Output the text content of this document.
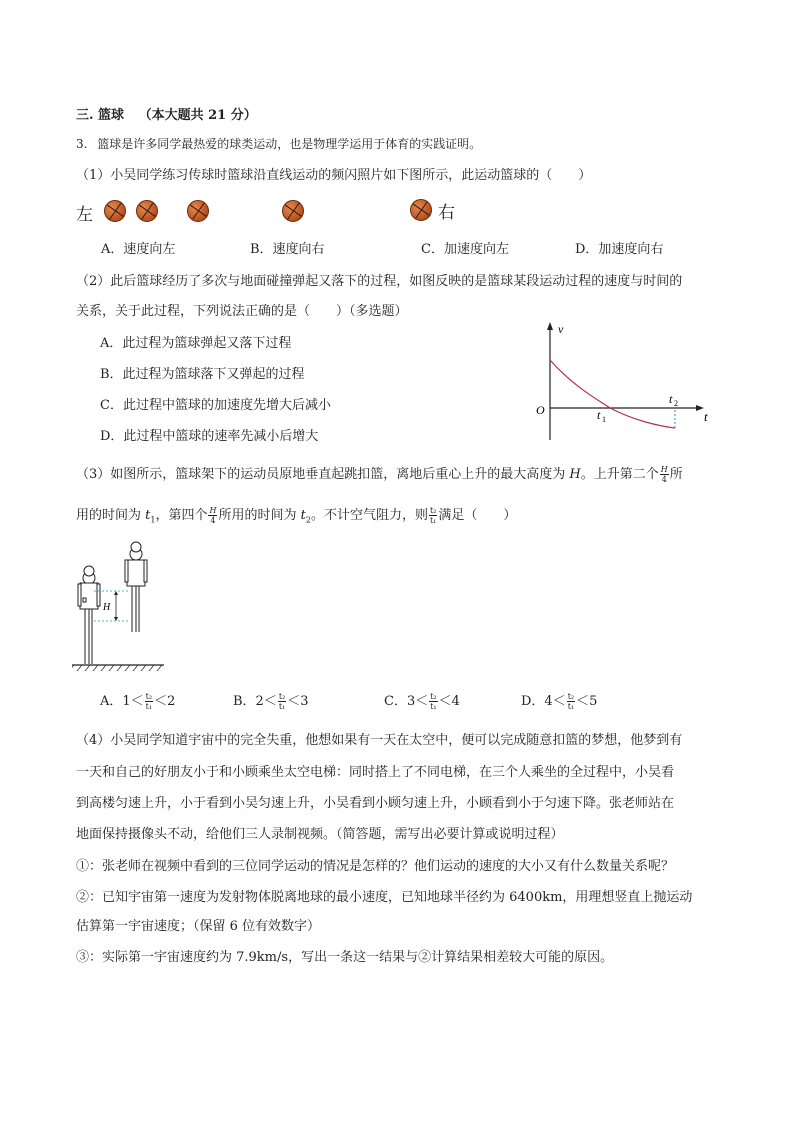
三. 篮球 （本大题共 21 分）
3. 篮球是许多同学最热爱的球类运动，也是物理学运用于体育的实践证明。
（1）小吴同学练习传球时篮球沿直线运动的频闪照片如下图所示，此运动篮球的（　　）
左	右
A．速度向左	B．速度向右	C．加速度向左	D．加速度向右
（2）此后篮球经历了多次与地面碰撞弹起又落下的过程，如图反映的是篮球某段运动过程的速度与时间的
关系，关于此过程，下列说法正确的是（　　）（多选题）
A．此过程为篮球弹起又落下过程
B．此过程为篮球落下又弹起的过程
C．此过程中篮球的加速度先增大后减小
D．此过程中篮球的速率先减小后增大
v
O	t
t 1
t 2
（3）如图所示，篮球架下的运动员原地垂直起跳扣篮，离地后重心上升的最大高度为 H。上升第二个 $\frac{H}{4}$ 所
用的时间为 $t_1$，第四个 $\frac{H}{4}$ 所用的时间为 $t_2$。不计空气阻力，则 $\frac{\text{t₂}}{\text{t₁}}$ 满足（　　）
H
A．$1< \frac{\text{t₂}}{\text{t₁}} <2$	B．$2< \frac{\text{t₂}}{\text{t₁}} <3$	C．$3< \frac{\text{t₂}}{\text{t₁}} <4$	D．$4< \frac{\text{t₂}}{\text{t₁}} <5$
（4）小吴同学知道宇宙中的完全失重，他想如果有一天在太空中，便可以完成随意扣篮的梦想，他梦到有
一天和自己的好朋友小于和小顾乘坐太空电梯：同时搭上了不同电梯，在三个人乘坐的全过程中，小吴看
到高楼匀速上升，小于看到小吴匀速上升，小吴看到小顾匀速上升，小顾看到小于匀速下降。张老师站在
地面保持摄像头不动，给他们三人录制视频。（简答题，需写出必要计算或说明过程）
①：张老师在视频中看到的三位同学运动的情况是怎样的？他们运动的速度的大小又有什么数量关系呢？
②：已知宇宙第一速度为发射物体脱离地球的最小速度，已知地球半径约为 6400km，用理想竖直上抛运动
估算第一宇宙速度；（保留 6 位有效数字）
③：实际第一宇宙速度约为 7.9km/s，写出一条这一结果与②计算结果相差较大可能的原因。
